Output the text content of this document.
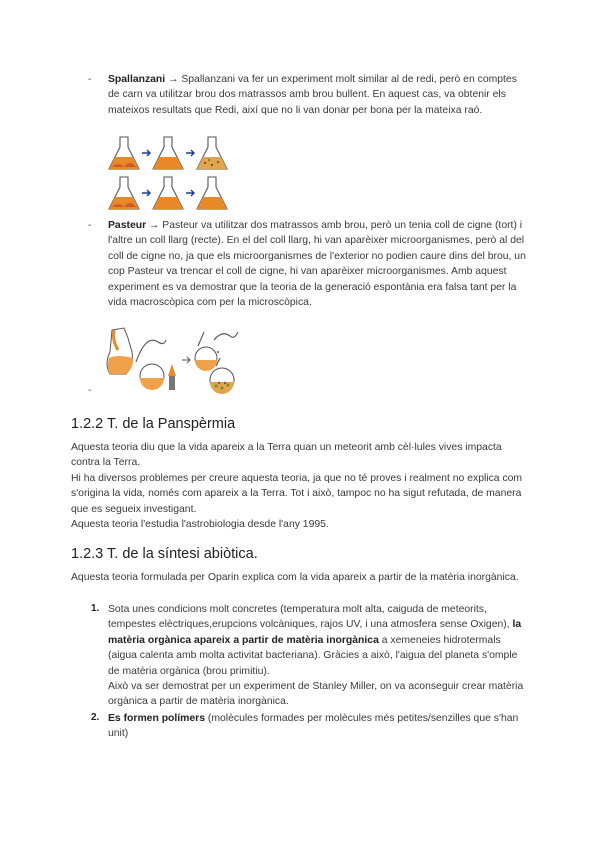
- Spallanzani → Spallanzani va fer un experiment molt similar al de redi, però en comptes de carn va utilitzar brou dos matrassos amb brou bullent. En aquest cas, va obtenir els mateixos resultats que Redi, així que no li van donar per bona per la mateixa raó.
- Pasteur → Pasteur va utilitzar dos matrassos amb brou, però un tenia coll de cigne (tort) i l'altre un coll llarg (recte). En el del coll llarg, hi van aparèixer microorganismes, però al del coll de cigne no, ja que els microorganismes de l'exterior no podien caure dins del brou, un cop Pasteur va trencar el coll de cigne, hi van aparèixer microorganismes. Amb aquest experiment es va demostrar que la teoria de la generació espontània era falsa tant per la vida macroscòpica com per la microscòpica.
-
1.2.2 T. de la Panspèrmia
Aquesta teoria diu que la vida apareix a la Terra quan un meteorit amb cèl·lules vives impacta contra la Terra.
Hi ha diversos problemes per creure aquesta teoria, ja que no té proves i realment no explica com s'origina la vida, només com apareix a la Terra. Tot i això, tampoc no ha sigut refutada, de manera que es segueix investigant.
Aquesta teoria l'estudia l'astrobiologia desde l'any 1995.
1.2.3 T. de la síntesi abiòtica.
Aquesta teoria formulada per Oparin explica com la vida apareix a partir de la matèria inorgànica.
1. Sota unes condicions molt concretes (temperatura molt alta, caiguda de meteorits, tempestes elèctriques,erupcions volcàniques, rajos UV, i una atmosfera sense Oxigen), la matèria orgànica apareix a partir de matèria inorgànica a xemeneies hidrotermals (aigua calenta amb molta activitat bacteriana). Gràcies a això, l'aigua del planeta s'omple de matèria orgànica (brou primitiu).
Això va ser demostrat per un experiment de Stanley Miller, on va aconseguir crear matèria orgànica a partir de matèria inorgànica.
2. Es formen polímers (molècules formades per molècules més petites/senzilles que s'han unit)
